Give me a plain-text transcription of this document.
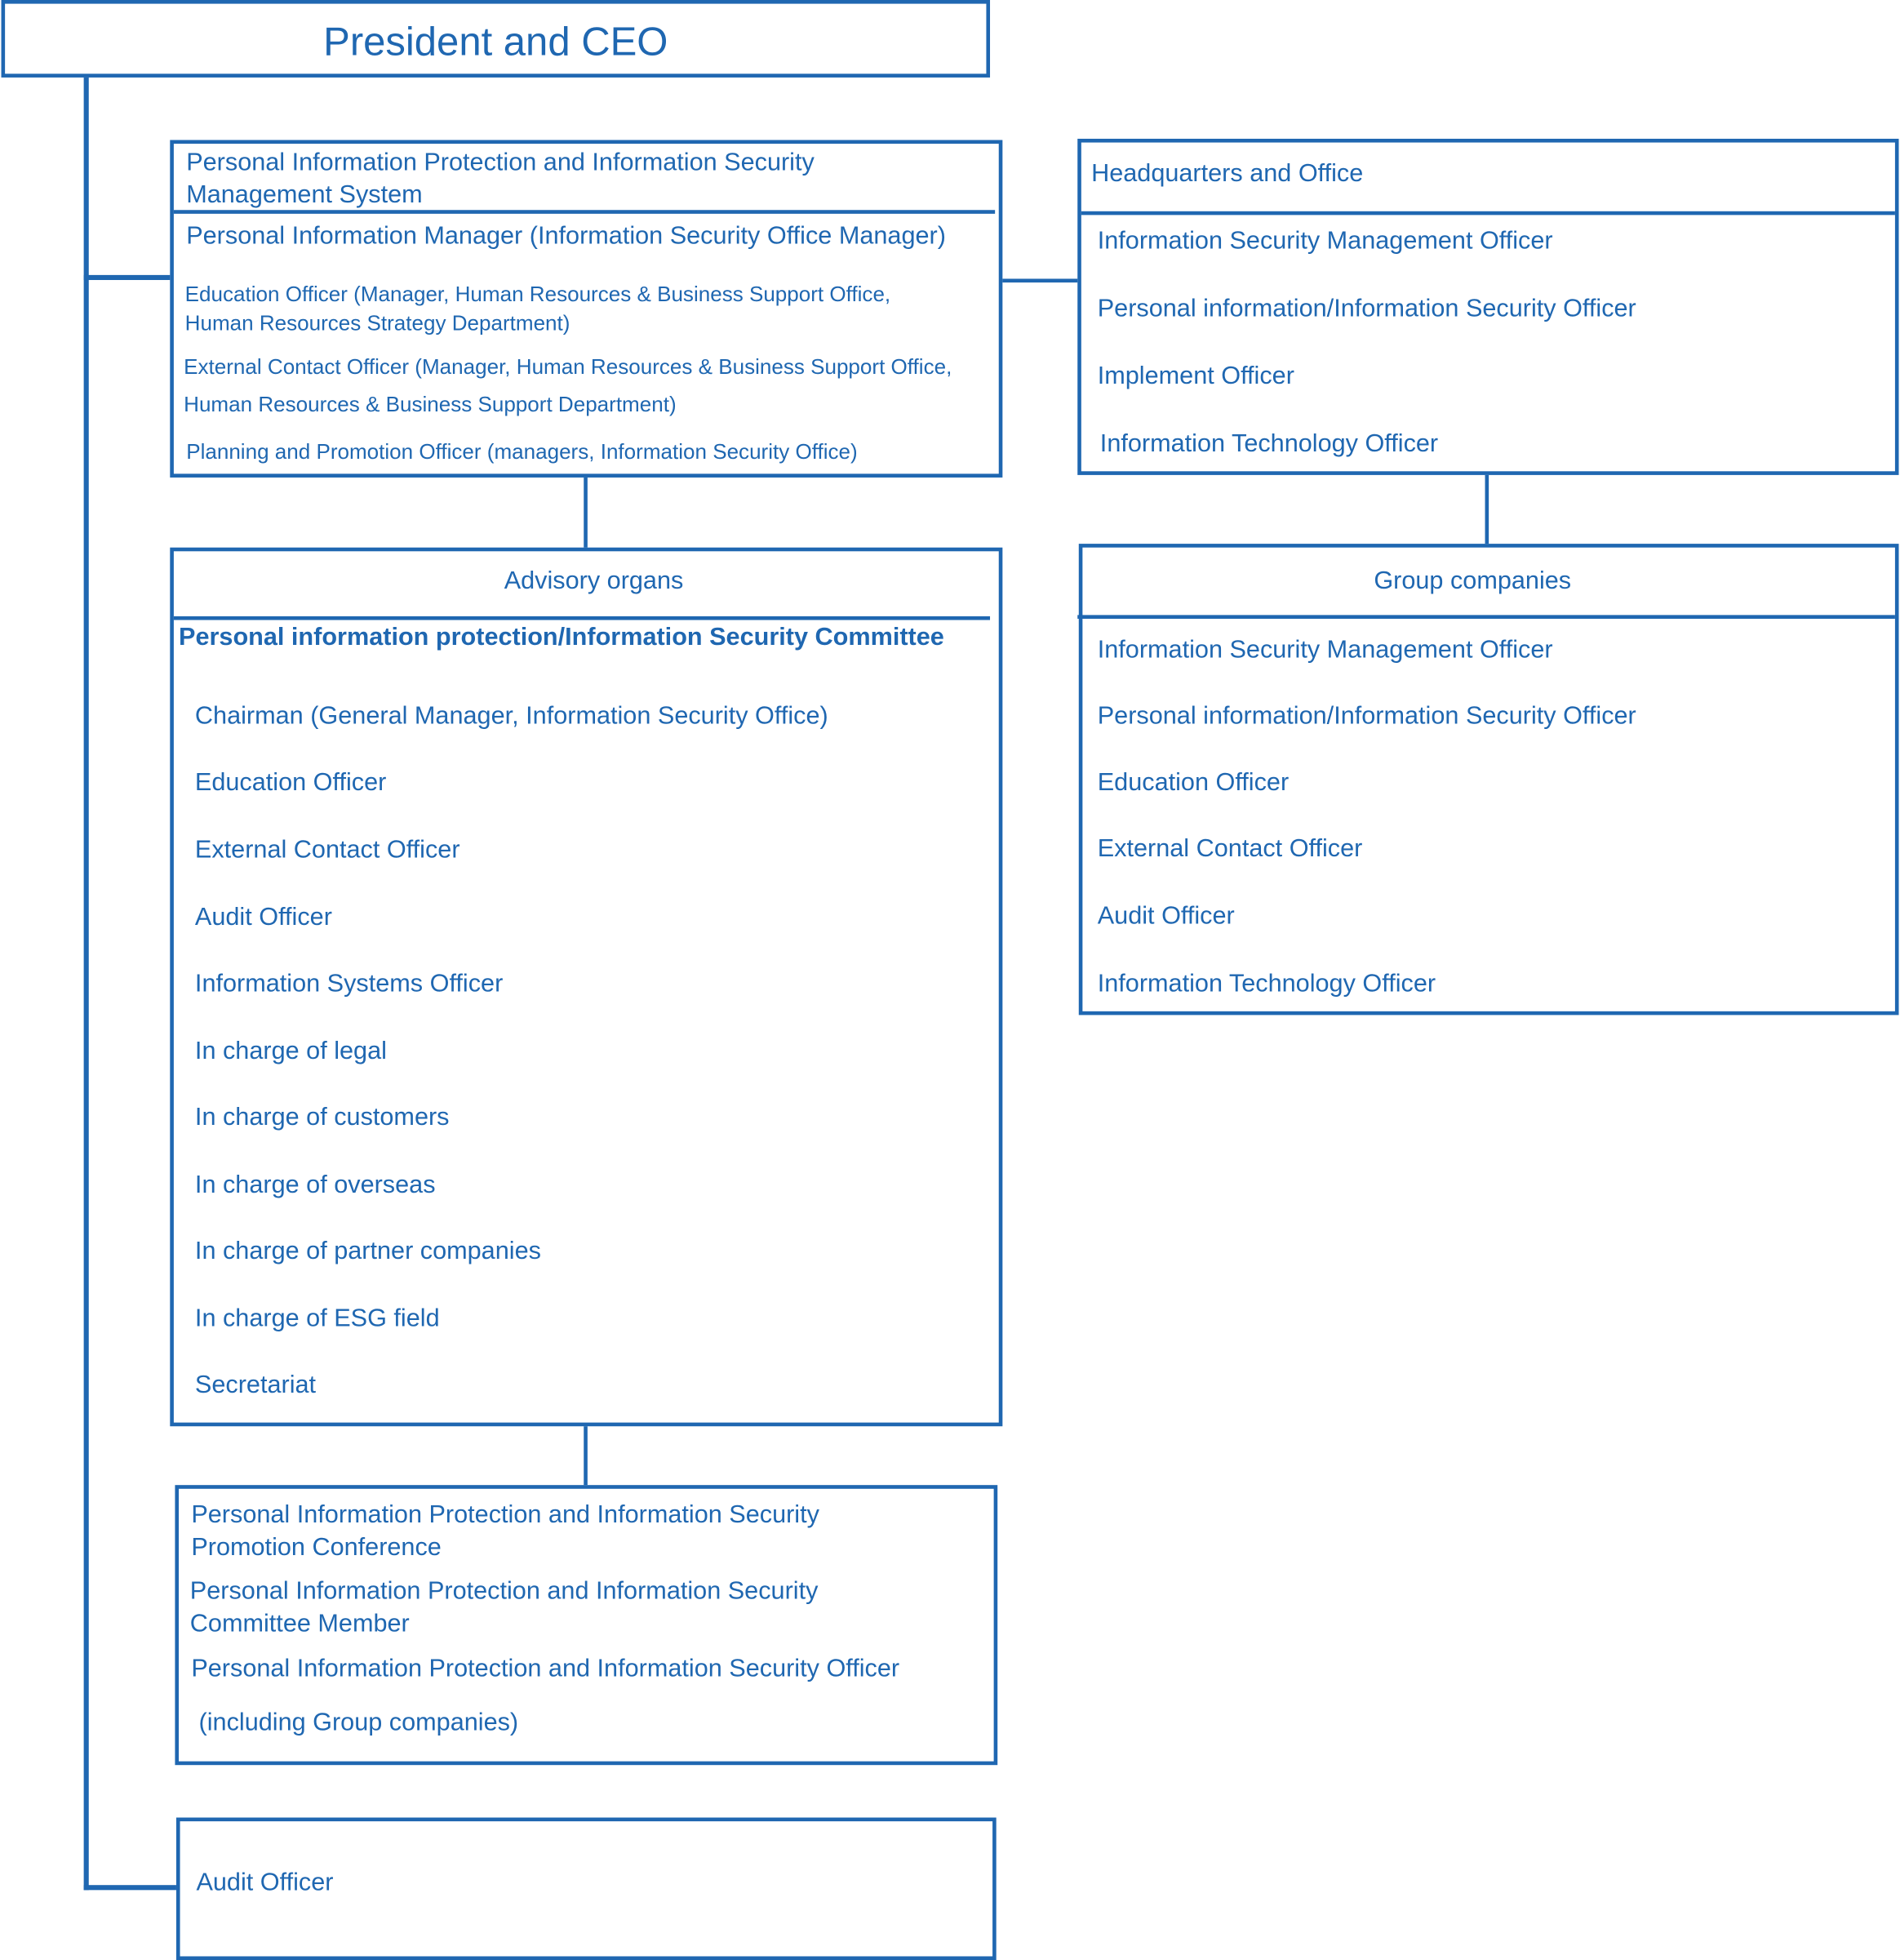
President and CEO
Personal Information Protection and Information Security
Management System
Personal Information Manager (Information Security Office Manager)
Education Officer (Manager, Human Resources & Business Support Office,
Human Resources Strategy Department)
External Contact Officer (Manager, Human Resources & Business Support Office,
Human Resources & Business Support Department)
Planning and Promotion Officer (managers, Information Security Office)
Headquarters and Office
Information Security Management Officer
Personal information/Information Security Officer
Implement Officer
Information Technology Officer
Advisory organs
Personal information protection/Information Security Committee
Chairman (General Manager, Information Security Office)
Education Officer
External Contact Officer
Audit Officer
Information Systems Officer
In charge of legal
In charge of customers
In charge of overseas
In charge of partner companies
In charge of ESG field
Secretariat
Group companies
Information Security Management Officer
Personal information/Information Security Officer
Education Officer
External Contact Officer
Audit Officer
Information Technology Officer
Personal Information Protection and Information Security
Promotion Conference
Personal Information Protection and Information Security
Committee Member
Personal Information Protection and Information Security Officer
(including Group companies)
Audit Officer
